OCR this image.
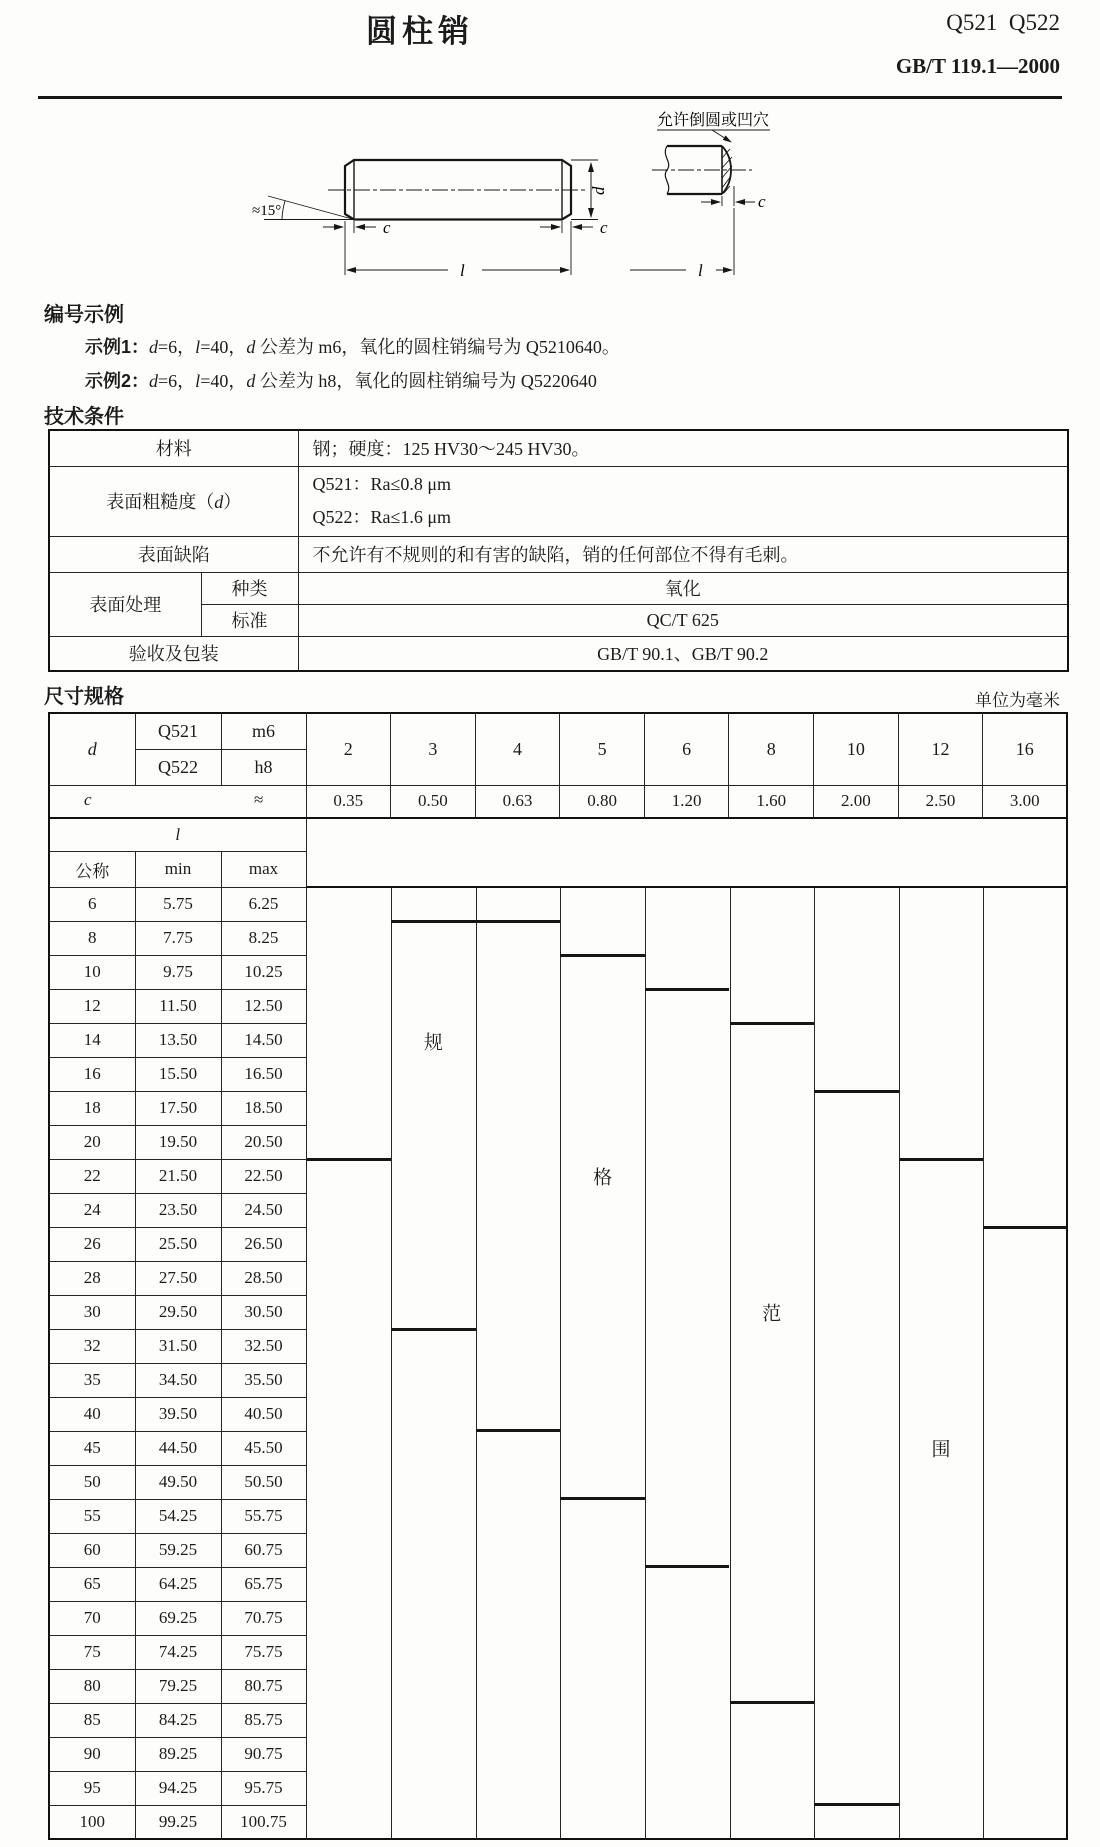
圆柱销	Q521  Q522
GB/T 119.1—2000
≈15°
c	c
l
d
允许倒圆或凹穴
c
l
编号示例
示例1：d=6，l=40，d 公差为 m6，氧化的圆柱销编号为 Q5210640。
示例2：d=6，l=40，d 公差为 h8，氧化的圆柱销编号为 Q5220640
技术条件
材料		钢；硬度：125 HV30～245 HV30。
表面粗糙度（d）		Q521：Ra≤0.8 μm
Q522：Ra≤1.6 μm

表面缺陷		不允许有不规则的和有害的缺陷，销的任何部位不得有毛刺。
表面处理	种类	氧化
	标准	QC/T 625
验收及包装		GB/T 90.1、GB/T 90.2
尺寸规格	单位为毫米
d	Q521	m6	2	3	4	5	6	8	10	12	16
	Q522	h8									

c ≈			0.35	0.50	0.63	0.80	1.20	1.60	2.00	2.50	3.00
l											
公称	min	max									
6	5.75	6.25	规
格
范
围								

8	7.75	8.25									
10	9.75	10.25									
12	11.50	12.50									
14	13.50	14.50									
16	15.50	16.50									
18	17.50	18.50									
20	19.50	20.50									
22	21.50	22.50									
24	23.50	24.50									
26	25.50	26.50									
28	27.50	28.50									
30	29.50	30.50									
32	31.50	32.50									
35	34.50	35.50									
40	39.50	40.50									
45	44.50	45.50									
50	49.50	50.50									
55	54.25	55.75									
60	59.25	60.75									
65	64.25	65.75									
70	69.25	70.75									
75	74.25	75.75									
80	79.25	80.75									
85	84.25	85.75									
90	89.25	90.75									
95	94.25	95.75									
100	99.25	100.75									
